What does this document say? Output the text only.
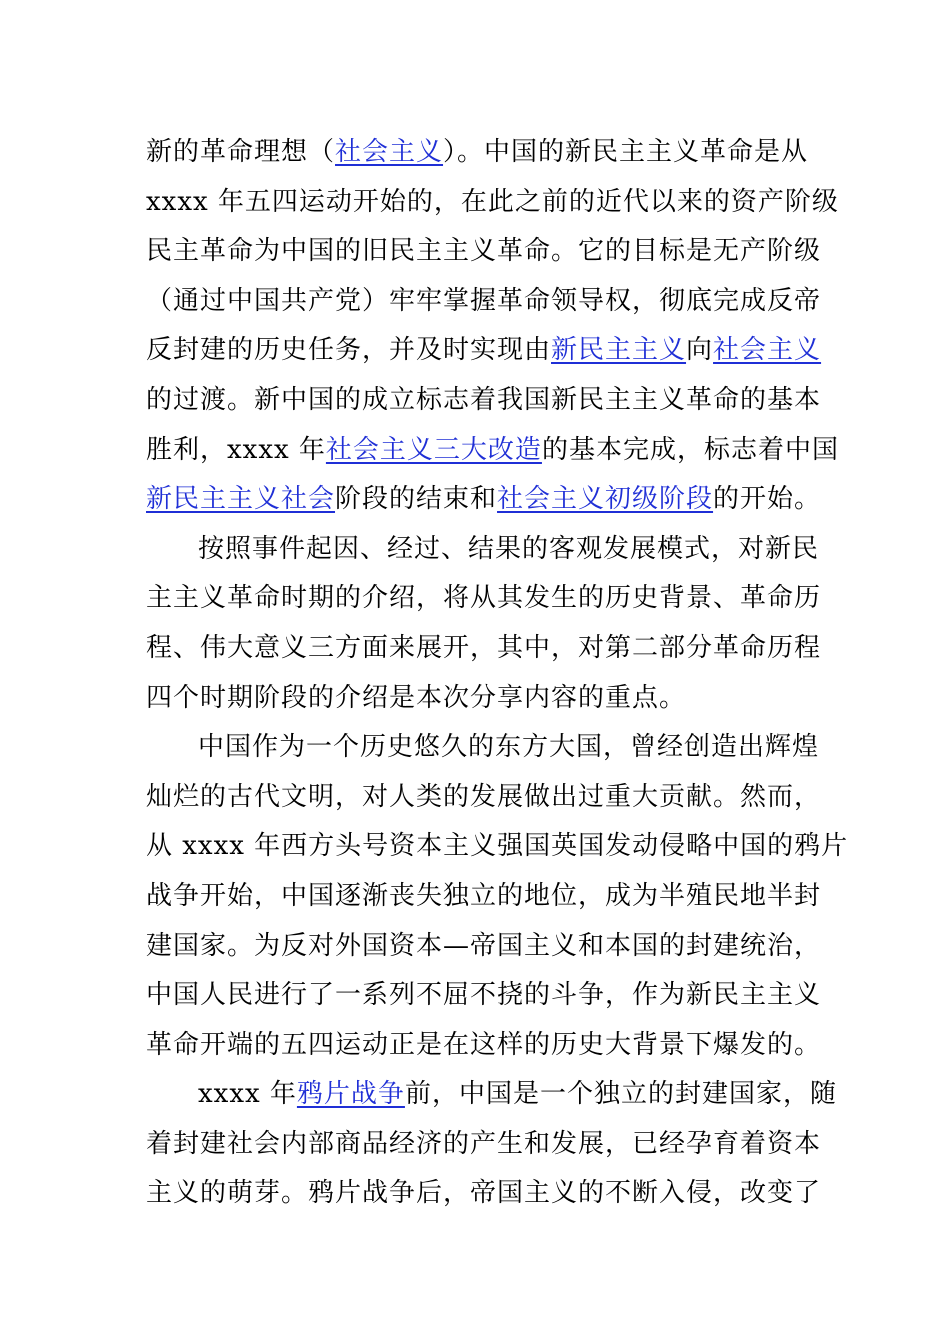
新的革命理想（社会主义）。中国的新民主主义革命是从
xxxx 年五四运动开始的，在此之前的近代以来的资产阶级
民主革命为中国的旧民主主义革命。它的目标是无产阶级
（通过中国共产党）牢牢掌握革命领导权，彻底完成反帝
反封建的历史任务，并及时实现由新民主主义向社会主义
的过渡。新中国的成立标志着我国新民主主义革命的基本
胜利，xxxx 年社会主义三大改造的基本完成，标志着中国
新民主主义社会阶段的结束和社会主义初级阶段的开始。
按照事件起因、经过、结果的客观发展模式，对新民
主主义革命时期的介绍，将从其发生的历史背景、革命历
程、伟大意义三方面来展开，其中，对第二部分革命历程
四个时期阶段的介绍是本次分享内容的重点。
中国作为一个历史悠久的东方大国，曾经创造出辉煌
灿烂的古代文明，对人类的发展做出过重大贡献。然而，
从 xxxx 年西方头号资本主义强国英国发动侵略中国的鸦片
战争开始，中国逐渐丧失独立的地位，成为半殖民地半封
建国家。为反对外国资本—帝国主义和本国的封建统治，
中国人民进行了一系列不屈不挠的斗争，作为新民主主义
革命开端的五四运动正是在这样的历史大背景下爆发的。
xxxx 年鸦片战争前，中国是一个独立的封建国家，随
着封建社会内部商品经济的产生和发展，已经孕育着资本
主义的萌芽。鸦片战争后，帝国主义的不断入侵，改变了
